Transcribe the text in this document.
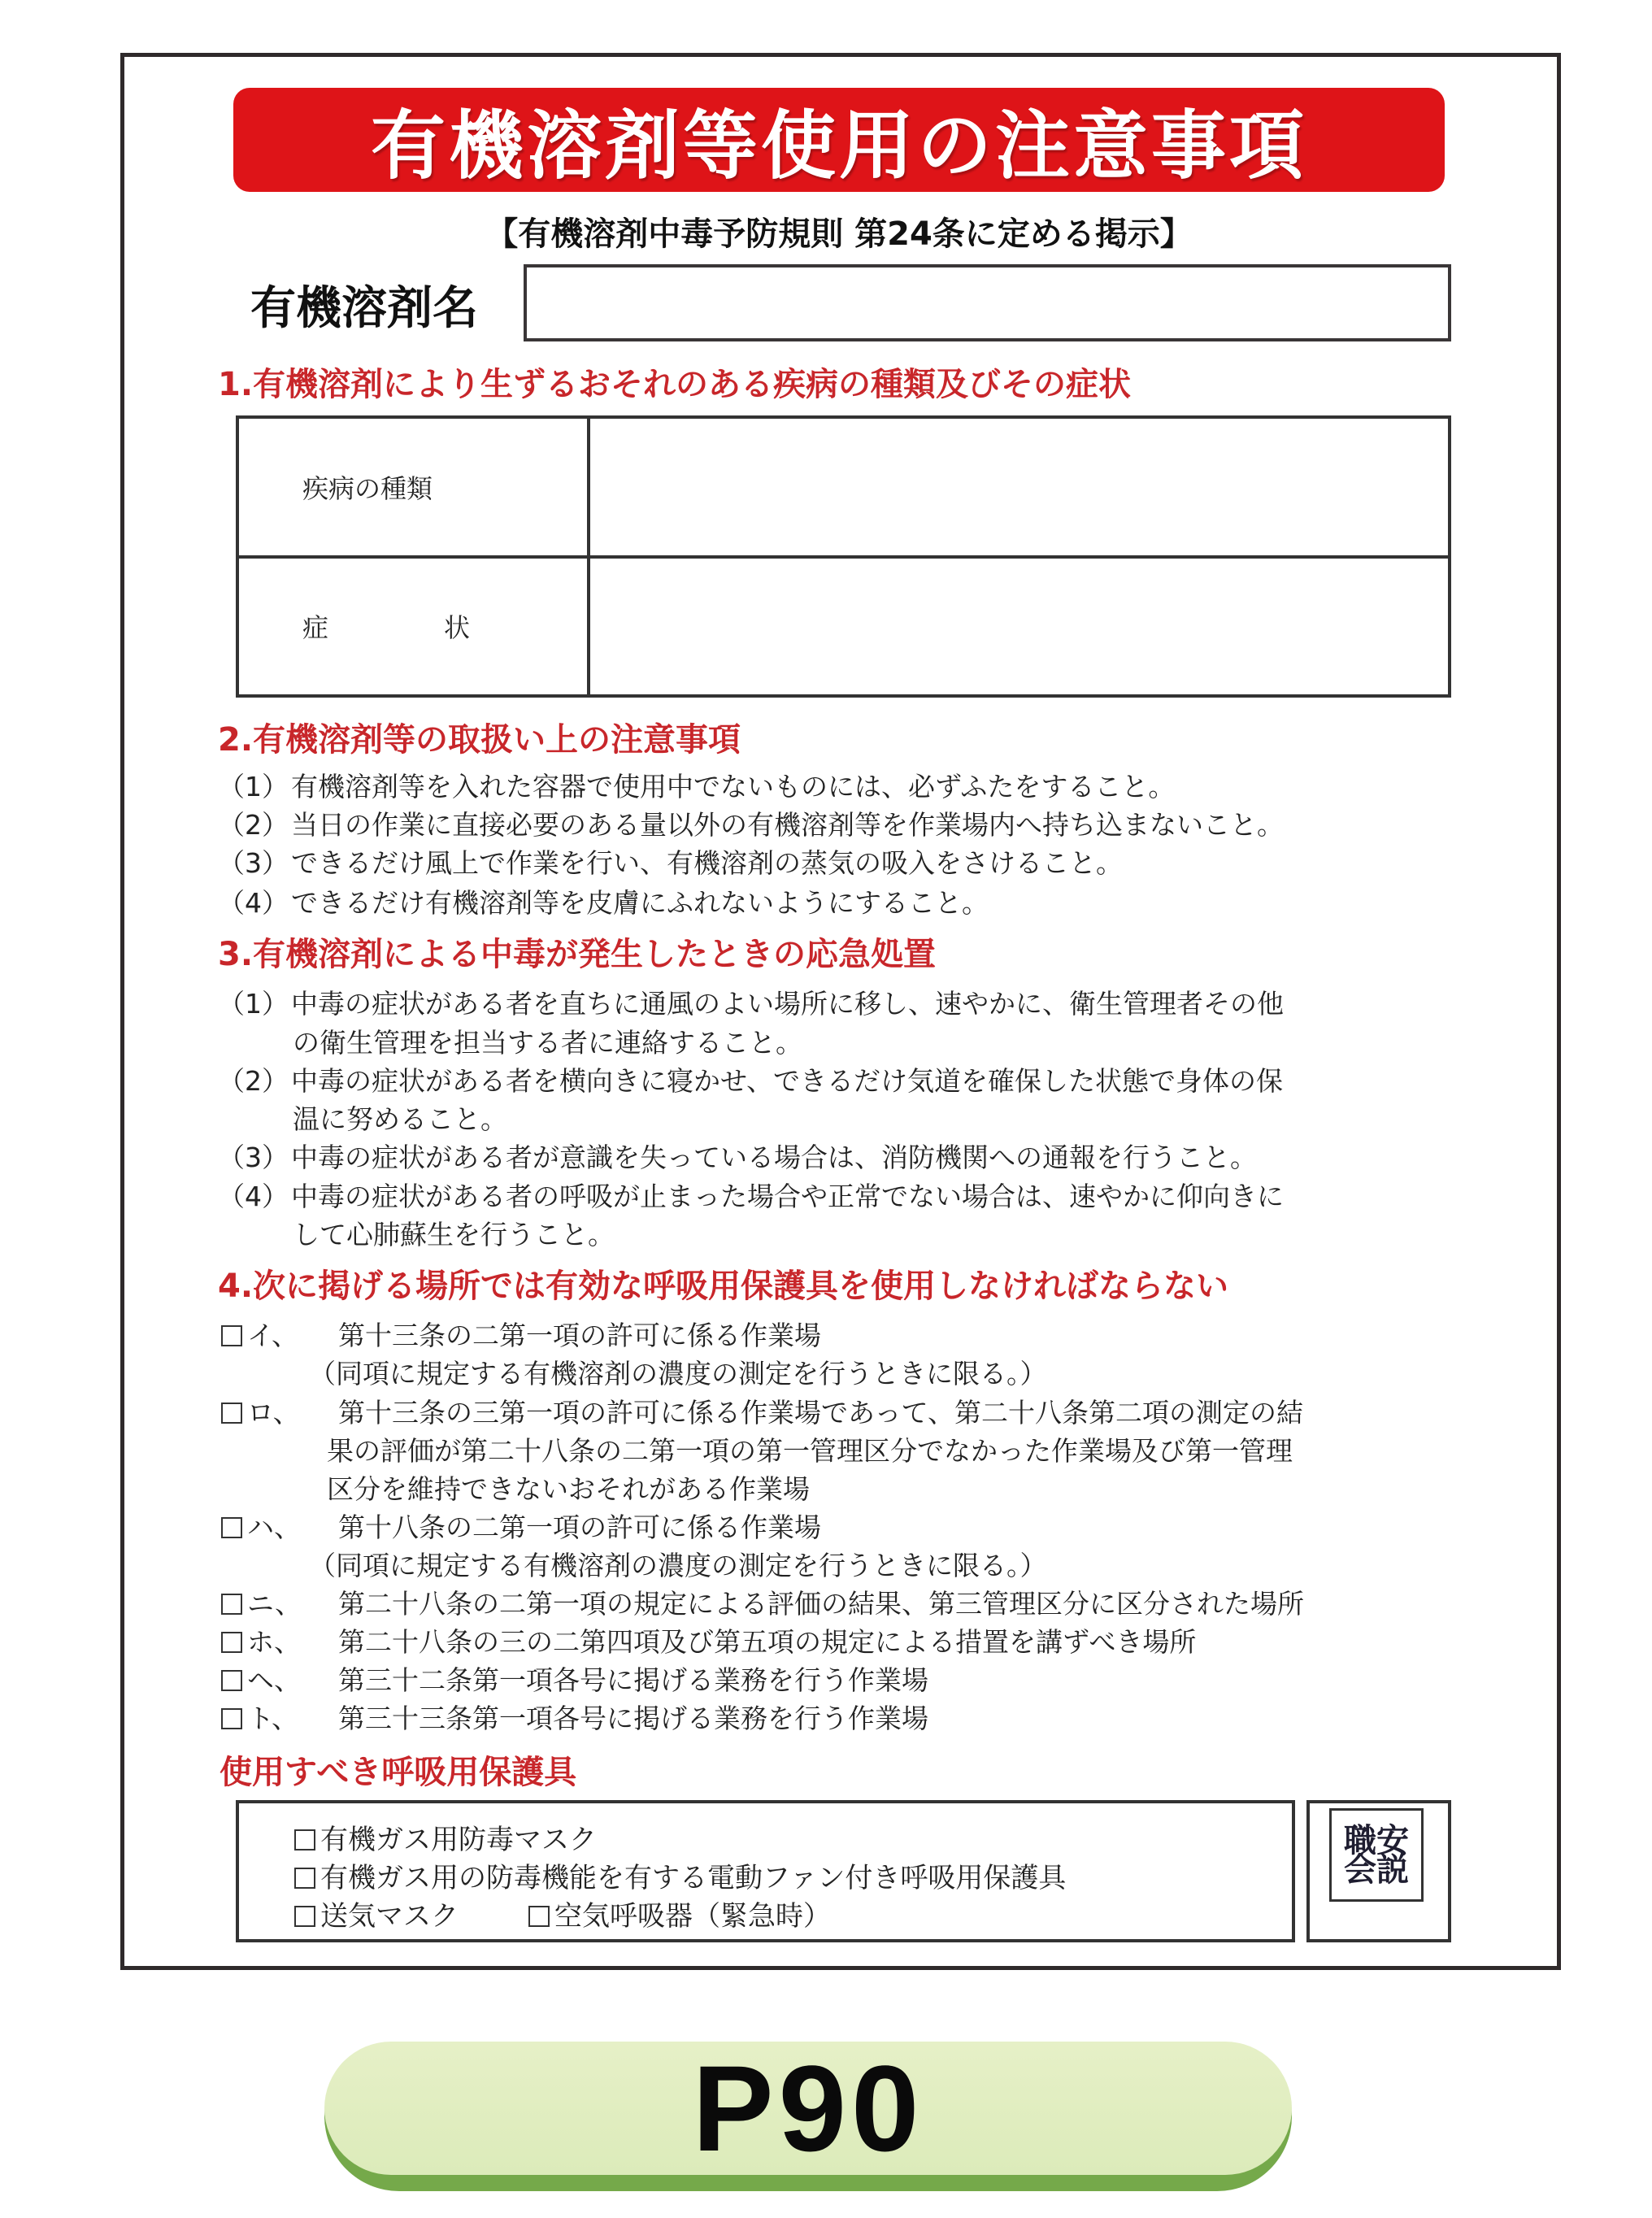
有機溶剤等使用の注意事項
【有機溶剤中毒予防規則 第24条に定める掲示】
有機溶剤名
1.有機溶剤により生ずるおそれのある疾病の種類及びその症状
疾病の種類	

症 状	

2.有機溶剤等の取扱い上の注意事項
（1）有機溶剤等を入れた容器で使用中でないものには、必ずふたをすること。
（2）当日の作業に直接必要のある量以外の有機溶剤等を作業場内へ持ち込まないこと。
（3）できるだけ風上で作業を行い、有機溶剤の蒸気の吸入をさけること。
（4）できるだけ有機溶剤等を皮膚にふれないようにすること。
3.有機溶剤による中毒が発生したときの応急処置
（1）中毒の症状がある者を直ちに通風のよい場所に移し、速やかに、衛生管理者その他
の衛生管理を担当する者に連絡すること。
（2）中毒の症状がある者を横向きに寝かせ、できるだけ気道を確保した状態で身体の保
温に努めること。
（3）中毒の症状がある者が意識を失っている場合は、消防機関への通報を行うこと。
（4）中毒の症状がある者の呼吸が止まった場合や正常でない場合は、速やかに仰向きに
して心肺蘇生を行うこと。
4.次に掲げる場所では有効な呼吸用保護具を使用しなければならない
イ、 第十三条の二第一項の許可に係る作業場
（同項に規定する有機溶剤の濃度の測定を行うときに限る。）
ロ、 第十三条の三第一項の許可に係る作業場であって、第二十八条第二項の測定の結
果の評価が第二十八条の二第一項の第一管理区分でなかった作業場及び第一管理
区分を維持できないおそれがある作業場
ハ、 第十八条の二第一項の許可に係る作業場
（同項に規定する有機溶剤の濃度の測定を行うときに限る。）
ニ、 第二十八条の二第一項の規定による評価の結果、第三管理区分に区分された場所
ホ、 第二十八条の三の二第四項及び第五項の規定による措置を講ずべき場所
ヘ、 第三十二条第一項各号に掲げる業務を行う作業場
ト、 第三十三条第一項各号に掲げる業務を行う作業場
使用すべき呼吸用保護具
有機ガス用防毒マスク
有機ガス用の防毒機能を有する電動ファン付き呼吸用保護具
送気マスク	空気呼吸器（緊急時）
職安 会説
P90
